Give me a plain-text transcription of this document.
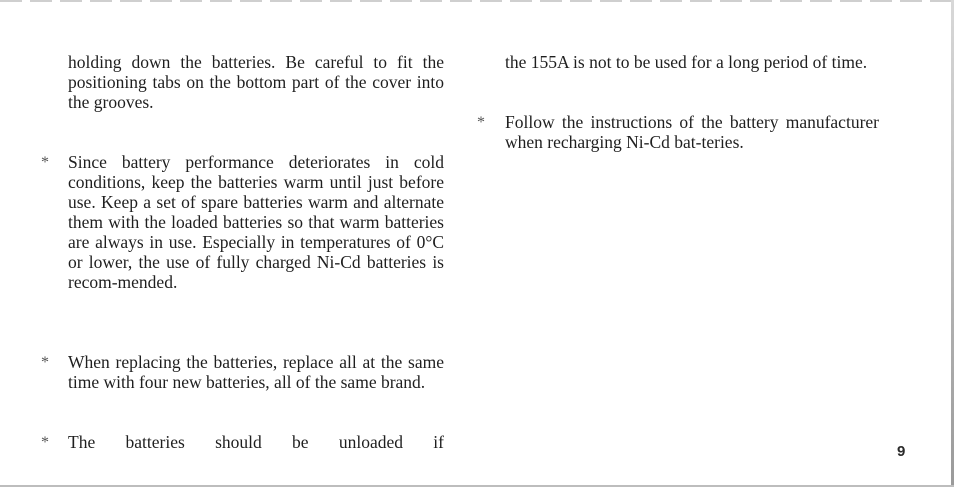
holding down the batteries. Be careful to fit the positioning tabs on the bottom part of the cover into the grooves.

* Since battery performance deteriorates in cold conditions, keep the batteries warm until just before use. Keep a set of spare batteries warm and alternate them with the loaded batteries so that warm batteries are always in use. Especially in temperatures of 0°C or lower, the use of fully charged Ni-Cd batteries is recom-mended.

* When replacing the batteries, replace all at the same time with four new batteries, all of the same brand.

* The batteries should be unloaded if

the 155A is not to be used for a long period of time.

* Follow the instructions of the battery manufacturer when recharging Ni-Cd bat-teries.

9
